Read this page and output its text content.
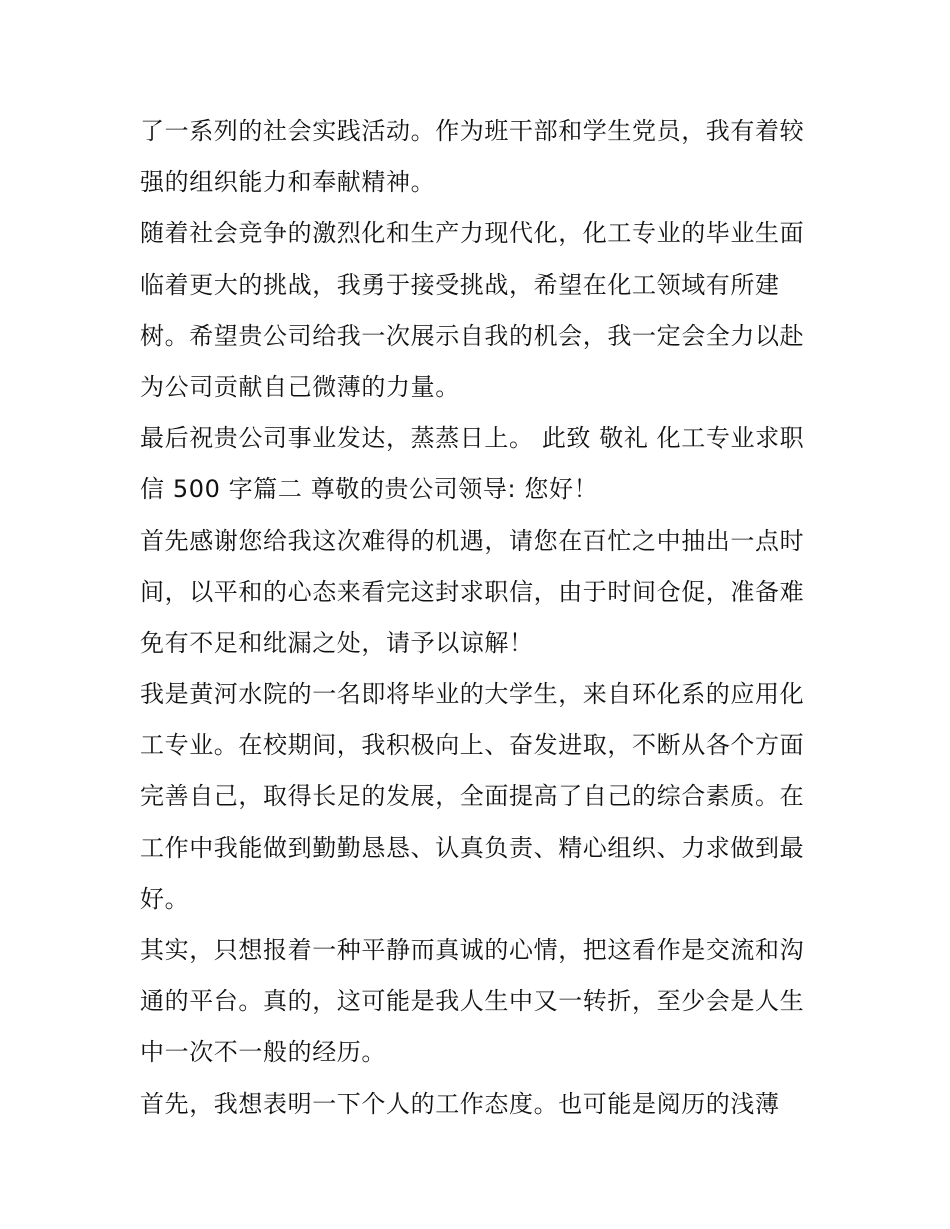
了一系列的社会实践活动。作为班干部和学生党员，我有着较
强的组织能力和奉献精神。
随着社会竞争的激烈化和生产力现代化，化工专业的毕业生面
临着更大的挑战，我勇于接受挑战，希望在化工领域有所建
树。希望贵公司给我一次展示自我的机会，我一定会全力以赴
为公司贡献自己微薄的力量。
最后祝贵公司事业发达，蒸蒸日上。 此致 敬礼 化工专业求职
信 500 字篇二 尊敬的贵公司领导: 您好！
首先感谢您给我这次难得的机遇，请您在百忙之中抽出一点时
间，以平和的心态来看完这封求职信，由于时间仓促，准备难
免有不足和纰漏之处，请予以谅解！
我是黄河水院的一名即将毕业的大学生，来自环化系的应用化
工专业。在校期间，我积极向上、奋发进取，不断从各个方面
完善自己，取得长足的发展，全面提高了自己的综合素质。在
工作中我能做到勤勤恳恳、认真负责、精心组织、力求做到最
好。
其实，只想报着一种平静而真诚的心情，把这看作是交流和沟
通的平台。真的，这可能是我人生中又一转折，至少会是人生
中一次不一般的经历。
首先，我想表明一下个人的工作态度。也可能是阅历的浅薄
